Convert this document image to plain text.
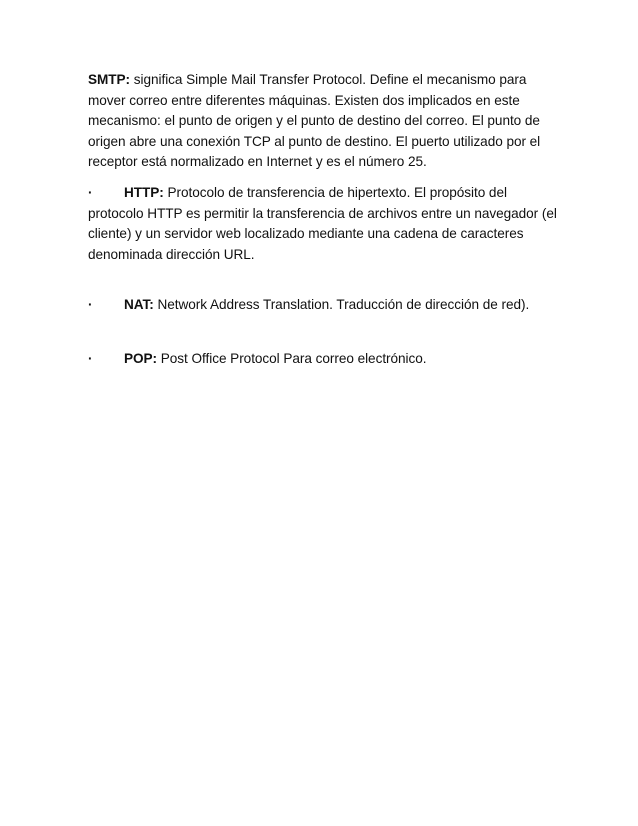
SMTP: significa Simple Mail Transfer Protocol. Define el mecanismo para mover correo entre diferentes máquinas. Existen dos implicados en este mecanismo: el punto de origen y el punto de destino del correo. El punto de origen abre una conexión TCP al punto de destino. El puerto utilizado por el receptor está normalizado en Internet y es el número 25.

· HTTP: Protocolo de transferencia de hipertexto. El propósito del protocolo HTTP es permitir la transferencia de archivos entre un navegador (el cliente) y un servidor web localizado mediante una cadena de caracteres denominada dirección URL.

· NAT: Network Address Translation. Traducción de dirección de red).

· POP: Post Office Protocol Para correo electrónico.
